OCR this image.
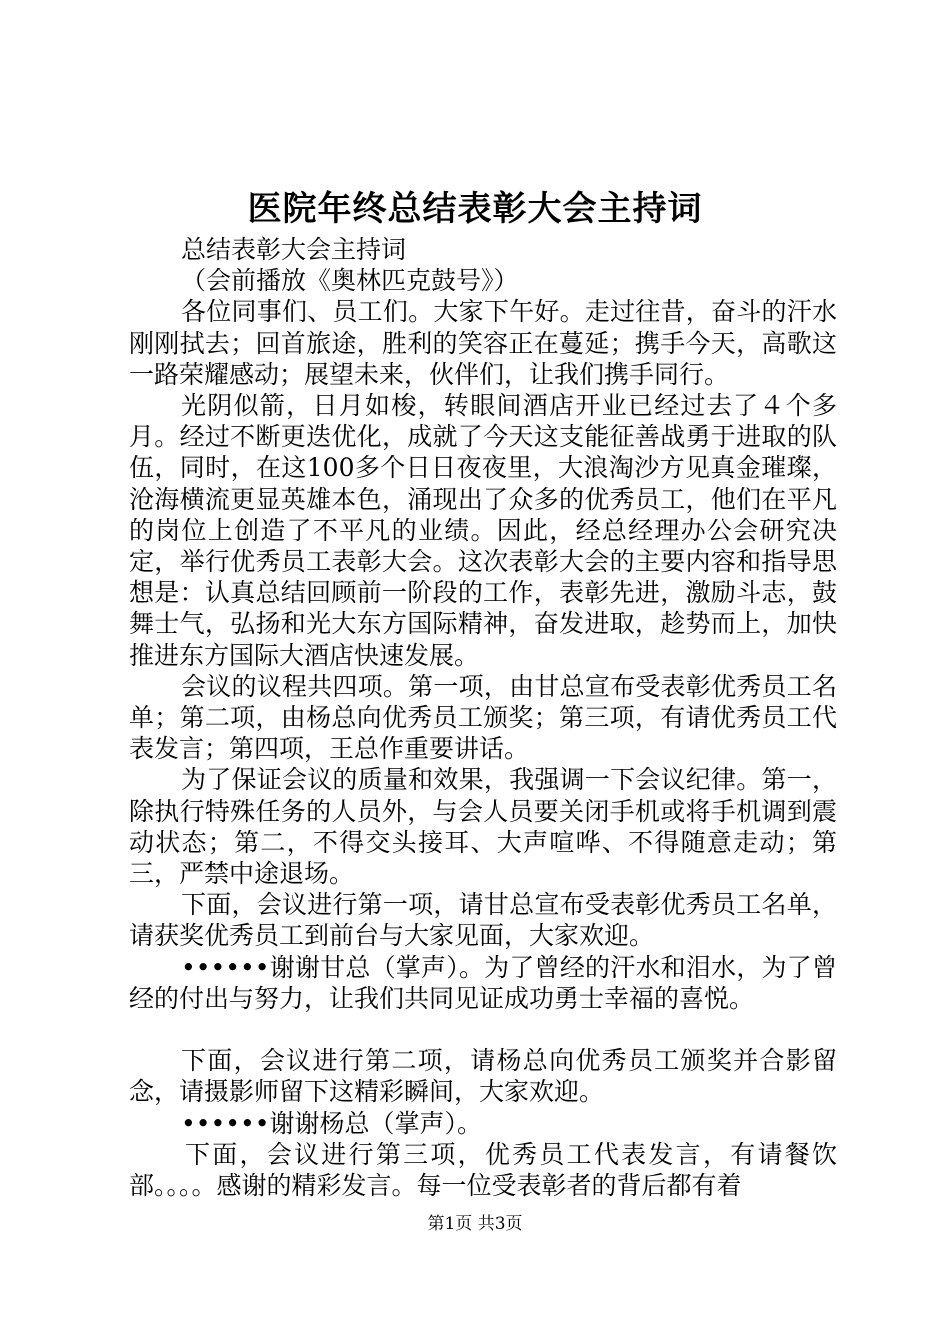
医院年终总结表彰大会主持词

总结表彰大会主持词

（会前播放《奥林匹克鼓号》）

各位同事们、员工们。大家下午好。走过往昔，奋斗的汗水刚刚拭去；回首旅途，胜利的笑容正在蔓延；携手今天，高歌这一路荣耀感动；展望未来，伙伴们，让我们携手同行。

光阴似箭，日月如梭，转眼间酒店开业已经过去了４个多月。经过不断更迭优化，成就了今天这支能征善战勇于进取的队伍，同时，在这100多个日日夜夜里，大浪淘沙方见真金璀璨，沧海横流更显英雄本色，涌现出了众多的优秀员工，他们在平凡的岗位上创造了不平凡的业绩。因此，经总经理办公会研究决定，举行优秀员工表彰大会。这次表彰大会的主要内容和指导思想是：认真总结回顾前一阶段的工作，表彰先进，激励斗志，鼓舞士气，弘扬和光大东方国际精神，奋发进取，趁势而上，加快推进东方国际大酒店快速发展。

会议的议程共四项。第一项，由甘总宣布受表彰优秀员工名单；第二项，由杨总向优秀员工颁奖；第三项，有请优秀员工代表发言；第四项，王总作重要讲话。

为了保证会议的质量和效果，我强调一下会议纪律。第一，除执行特殊任务的人员外，与会人员要关闭手机或将手机调到震动状态；第二，不得交头接耳、大声喧哗、不得随意走动；第三，严禁中途退场。

下面，会议进行第一项，请甘总宣布受表彰优秀员工名单，请获奖优秀员工到前台与大家见面，大家欢迎。

••••••谢谢甘总（掌声）。为了曾经的汗水和泪水，为了曾经的付出与努力，让我们共同见证成功勇士幸福的喜悦。

下面，会议进行第二项，请杨总向优秀员工颁奖并合影留念，请摄影师留下这精彩瞬间，大家欢迎。

••••••谢谢杨总（掌声）。

下面，会议进行第三项，优秀员工代表发言，有请餐饮部。。。。感谢的精彩发言。每一位受表彰者的背后都有着

第1页 共3页
